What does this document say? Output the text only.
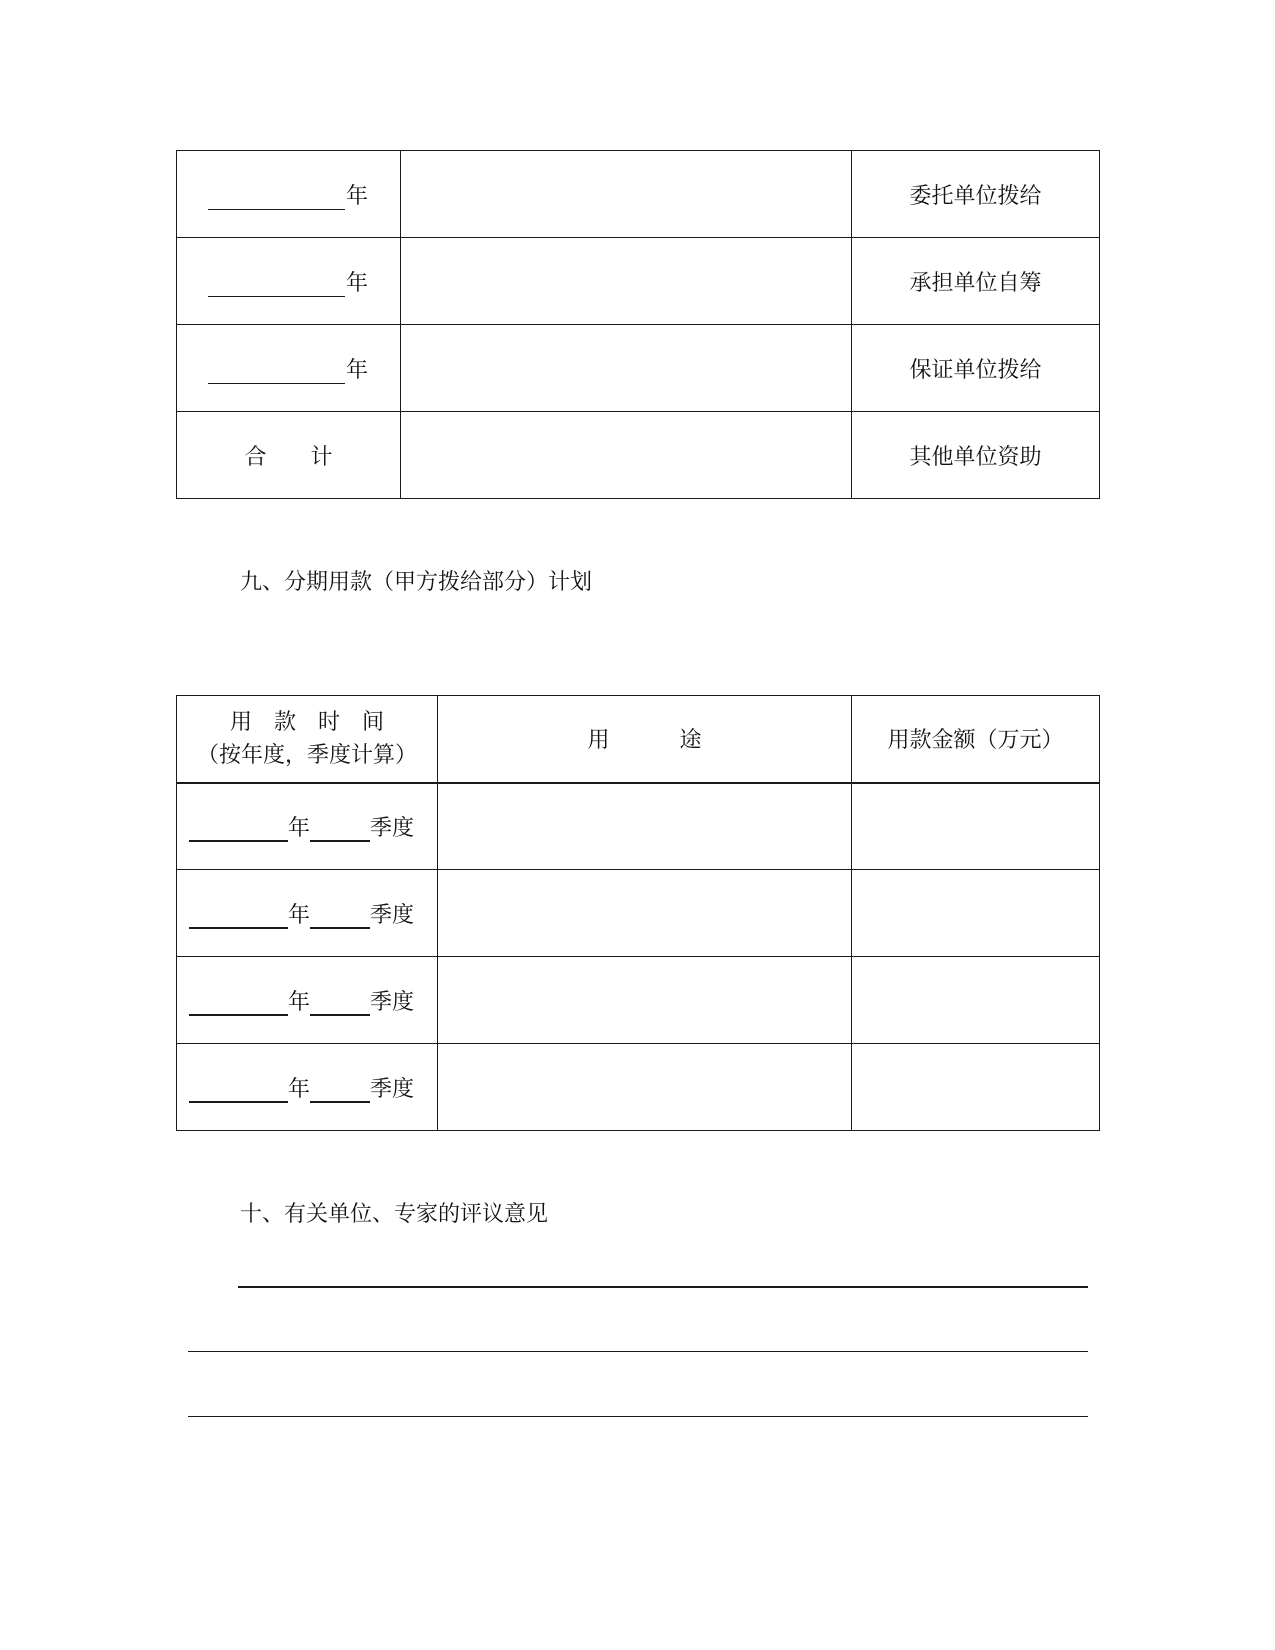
年		委托单位拨给

年		承担单位自筹

年		保证单位拨给
合 计		其他单位资助
九、分期用款（甲方拨给部分）计划
用 款 时 间
（按年度，季度计算）	用 途	用款金额（万元）

年 季度		

年 季度		

年 季度		

年 季度		

十、有关单位、专家的评议意见
